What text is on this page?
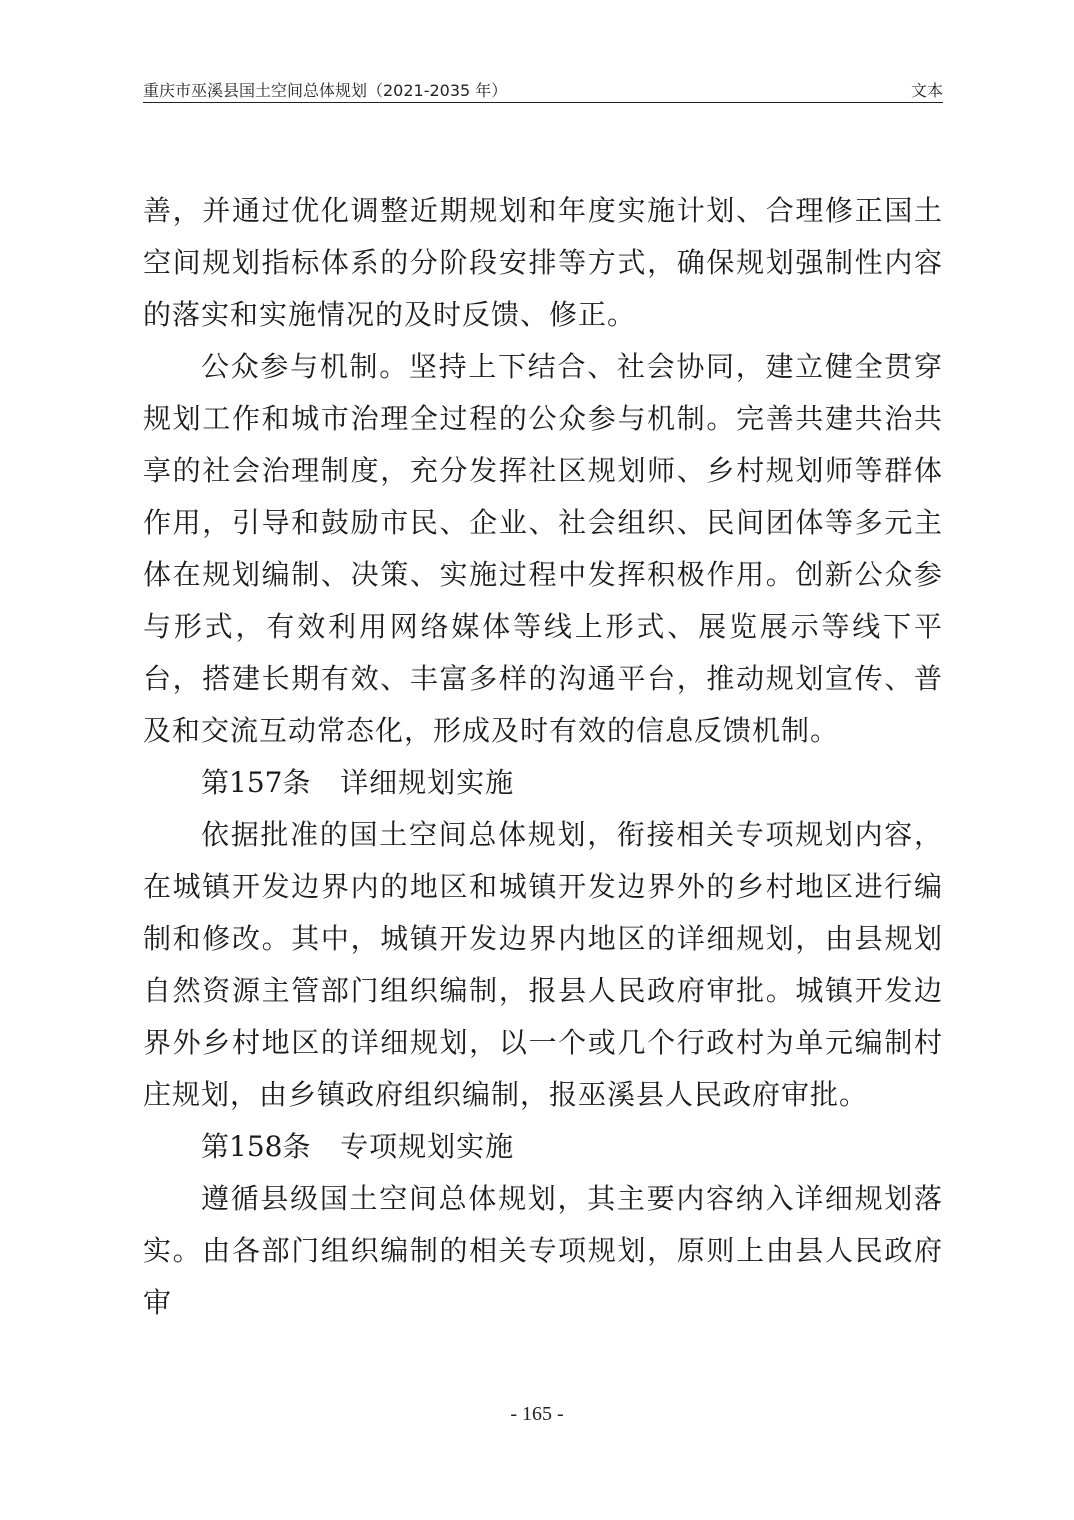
重庆市巫溪县国土空间总体规划（2021-2035 年）	文本

善，并通过优化调整近期规划和年度实施计划、合理修正国土空间规划指标体系的分阶段安排等方式，确保规划强制性内容的落实和实施情况的及时反馈、修正。

公众参与机制。坚持上下结合、社会协同，建立健全贯穿规划工作和城市治理全过程的公众参与机制。完善共建共治共享的社会治理制度，充分发挥社区规划师、乡村规划师等群体作用，引导和鼓励市民、企业、社会组织、民间团体等多元主体在规划编制、决策、实施过程中发挥积极作用。创新公众参与形式，有效利用网络媒体等线上形式、展览展示等线下平台，搭建长期有效、丰富多样的沟通平台，推动规划宣传、普及和交流互动常态化，形成及时有效的信息反馈机制。

第157条 详细规划实施

依据批准的国土空间总体规划，衔接相关专项规划内容，在城镇开发边界内的地区和城镇开发边界外的乡村地区进行编制和修改。其中，城镇开发边界内地区的详细规划，由县规划自然资源主管部门组织编制，报县人民政府审批。城镇开发边界外乡村地区的详细规划，以一个或几个行政村为单元编制村庄规划，由乡镇政府组织编制，报巫溪县人民政府审批。

第158条 专项规划实施

遵循县级国土空间总体规划，其主要内容纳入详细规划落实。由各部门组织编制的相关专项规划，原则上由县人民政府审

- 165 -
